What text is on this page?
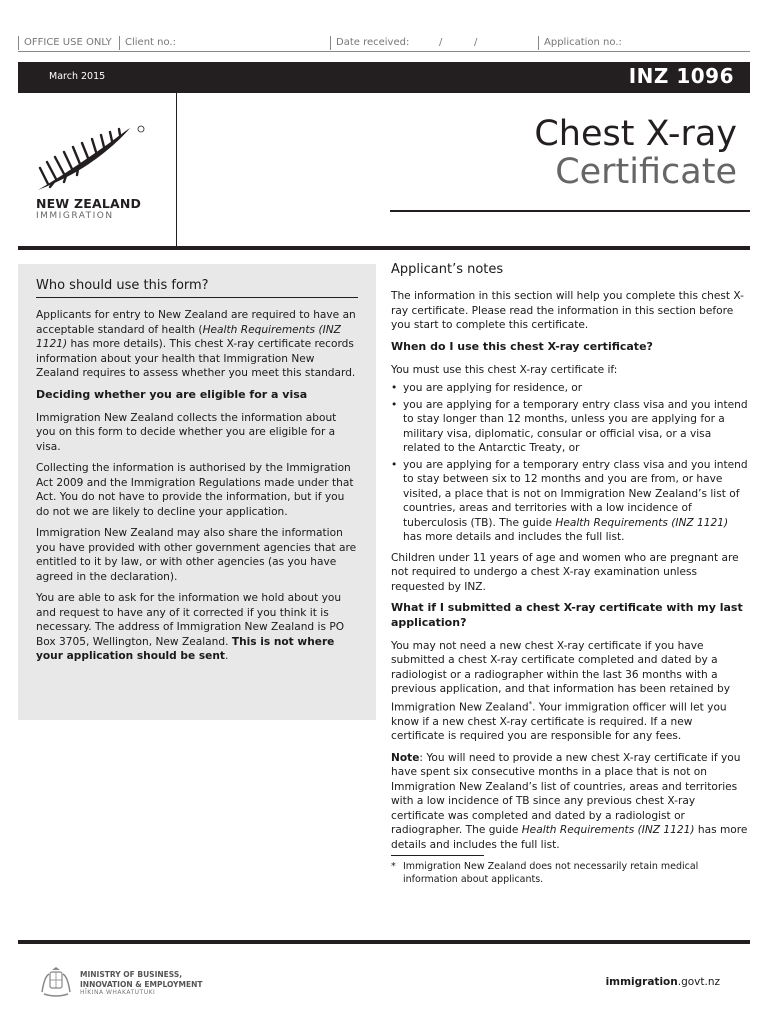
OFFICE USE ONLY	Client no.:	Date received:	/	/	Application no.:
March 2015	INZ 1096
NEW ZEALAND
IMMIGRATION
Chest X-ray
Certificate
Who should use this form?

Applicants for entry to New Zealand are required to have an acceptable standard of health (Health Requirements (INZ 1121) has more details). This chest X-ray certificate records information about your health that Immigration New Zealand requires to assess whether you meet this standard.

Deciding whether you are eligible for a visa

Immigration New Zealand collects the information about you on this form to decide whether you are eligible for a visa.

Collecting the information is authorised by the Immigration Act 2009 and the Immigration Regulations made under that Act. You do not have to provide the information, but if you do not we are likely to decline your application.

Immigration New Zealand may also share the information you have provided with other government agencies that are entitled to it by law, or with other agencies (as you have agreed in the declaration).

You are able to ask for the information we hold about you and request to have any of it corrected if you think it is necessary. The address of Immigration New Zealand is PO Box 3705, Wellington, New Zealand. This is not where your application should be sent.

Applicant’s notes

The information in this section will help you complete this chest X-ray certificate. Please read the information in this section before you start to complete this certificate.

When do I use this chest X-ray certificate?

You must use this chest X-ray certificate if:

• you are applying for residence, or
• you are applying for a temporary entry class visa and you intend to stay longer than 12 months, unless you are applying for a military visa, diplomatic, consular or official visa, or a visa related to the Antarctic Treaty, or
• you are applying for a temporary entry class visa and you intend to stay between six to 12 months and you are from, or have visited, a place that is not on Immigration New Zealand’s list of countries, areas and territories with a low incidence of tuberculosis (TB). The guide Health Requirements (INZ 1121) has more details and includes the full list.

Children under 11 years of age and women who are pregnant are not required to undergo a chest X-ray examination unless requested by INZ.

What if I submitted a chest X-ray certificate with my last application?

You may not need a new chest X-ray certificate if you have submitted a chest X-ray certificate completed and dated by a radiologist or a radiographer within the last 36 months with a previous application, and that information has been retained by Immigration New Zealand*. Your immigration officer will let you know if a new chest X-ray certificate is required. If a new certificate is required you are responsible for any fees.

Note: You will need to provide a new chest X-ray certificate if you have spent six consecutive months in a place that is not on Immigration New Zealand’s list of countries, areas and territories with a low incidence of TB since any previous chest X-ray certificate was completed and dated by a radiologist or radiographer. The guide Health Requirements (INZ 1121) has more details and includes the full list.

* Immigration New Zealand does not necessarily retain medical information about applicants.

MINISTRY OF BUSINESS,
INNOVATION & EMPLOYMENT
HĪKINA WHAKATUTUKI
immigration.govt.nz
